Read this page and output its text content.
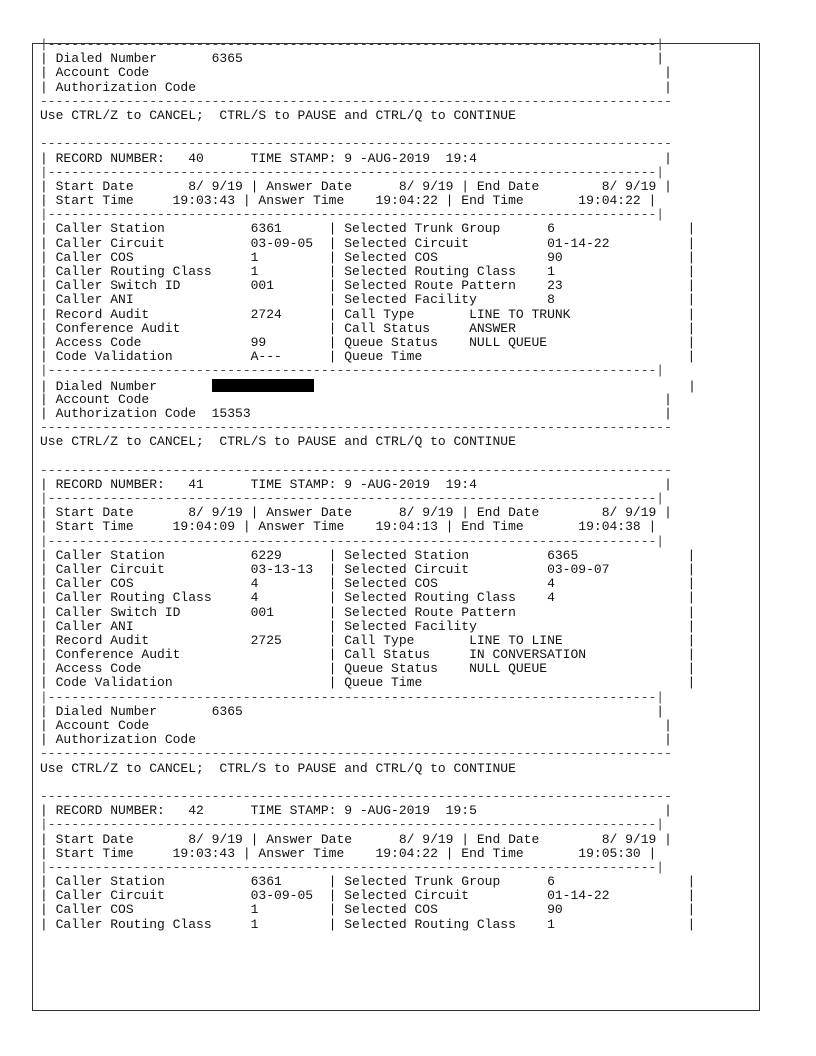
|------------------------------------------------------------------------------|
| Dialed Number       6365                                                     |
| Account Code                                                                  |
| Authorization Code                                                            |
---------------------------------------------------------------------------------
Use CTRL/Z to CANCEL;  CTRL/S to PAUSE and CTRL/Q to CONTINUE
---------------------------------------------------------------------------------
| RECORD NUMBER:   40      TIME STAMP: 9 -AUG-2019  19:4                        |
|------------------------------------------------------------------------------|
| Start Date       8/ 9/19 | Answer Date      8/ 9/19 | End Date        8/ 9/19 |
| Start Time     19:03:43 | Answer Time    19:04:22 | End Time       19:04:22 |
|------------------------------------------------------------------------------|
| Caller Station           6361      | Selected Trunk Group      6                 |
| Caller Circuit           03-09-05  | Selected Circuit          01-14-22          |
| Caller COS               1         | Selected COS              90                |
| Caller Routing Class     1         | Selected Routing Class    1                 |
| Caller Switch ID         001       | Selected Route Pattern    23                |
| Caller ANI                         | Selected Facility         8                 |
| Record Audit             2724      | Call Type       LINE TO TRUNK               |
| Conference Audit                   | Call Status     ANSWER                      |
| Access Code              99        | Queue Status    NULL QUEUE                  |
| Code Validation          A---      | Queue Time                                  |
|------------------------------------------------------------------------------|
| Dialed Number	|
| Account Code                                                                  |
| Authorization Code  15353                                                     |
---------------------------------------------------------------------------------
Use CTRL/Z to CANCEL;  CTRL/S to PAUSE and CTRL/Q to CONTINUE
---------------------------------------------------------------------------------
| RECORD NUMBER:   41      TIME STAMP: 9 -AUG-2019  19:4                        |
|------------------------------------------------------------------------------|
| Start Date       8/ 9/19 | Answer Date      8/ 9/19 | End Date        8/ 9/19 |
| Start Time     19:04:09 | Answer Time    19:04:13 | End Time       19:04:38 |
|------------------------------------------------------------------------------|
| Caller Station           6229      | Selected Station          6365              |
| Caller Circuit           03-13-13  | Selected Circuit          03-09-07          |
| Caller COS               4         | Selected COS              4                 |
| Caller Routing Class     4         | Selected Routing Class    4                 |
| Caller Switch ID         001       | Selected Route Pattern                      |
| Caller ANI                         | Selected Facility                           |
| Record Audit             2725      | Call Type       LINE TO LINE                |
| Conference Audit                   | Call Status     IN CONVERSATION             |
| Access Code                        | Queue Status    NULL QUEUE                  |
| Code Validation                    | Queue Time                                  |
|------------------------------------------------------------------------------|
| Dialed Number       6365                                                     |
| Account Code                                                                  |
| Authorization Code                                                            |
---------------------------------------------------------------------------------
Use CTRL/Z to CANCEL;  CTRL/S to PAUSE and CTRL/Q to CONTINUE
---------------------------------------------------------------------------------
| RECORD NUMBER:   42      TIME STAMP: 9 -AUG-2019  19:5                        |
|------------------------------------------------------------------------------|
| Start Date       8/ 9/19 | Answer Date      8/ 9/19 | End Date        8/ 9/19 |
| Start Time     19:03:43 | Answer Time    19:04:22 | End Time       19:05:30 |
|------------------------------------------------------------------------------|
| Caller Station           6361      | Selected Trunk Group      6                 |
| Caller Circuit           03-09-05  | Selected Circuit          01-14-22          |
| Caller COS               1         | Selected COS              90                |
| Caller Routing Class     1         | Selected Routing Class    1                 |
